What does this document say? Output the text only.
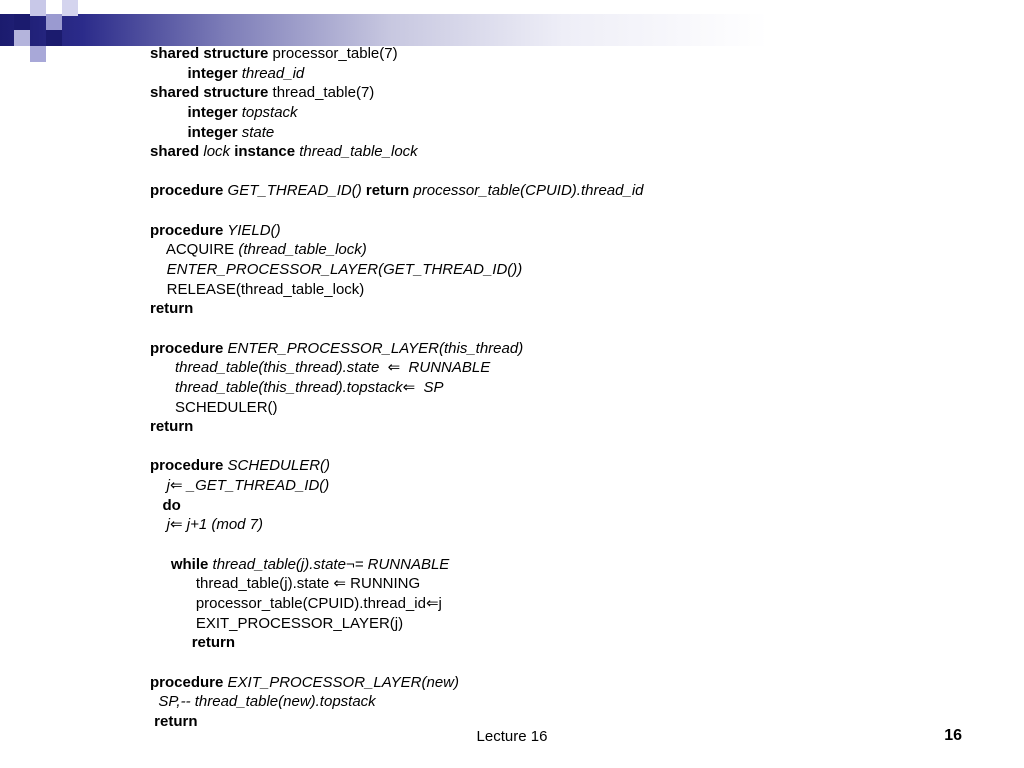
shared structure processor_table(7)
integer thread_id
shared structure thread_table(7)
integer topstack
integer state
shared lock instance thread_table_lock

procedure GET_THREAD_ID() return processor_table(CPUID).thread_id

procedure YIELD()
ACQUIRE (thread_table_lock)
ENTER_PROCESSOR_LAYER(GET_THREAD_ID())
RELEASE(thread_table_lock)
return

procedure ENTER_PROCESSOR_LAYER(this_thread)
thread_table(this_thread).state  ⇐  RUNNABLE
thread_table(this_thread).topstack⇐  SP
SCHEDULER()
return

procedure SCHEDULER()
j⇐ _GET_THREAD_ID()
do
j⇐ j+1 (mod 7)

while thread_table(j).state¬= RUNNABLE
thread_table(j).state ⇐ RUNNING
processor_table(CPUID).thread_id⇐j
EXIT_PROCESSOR_LAYER(j)
return

procedure EXIT_PROCESSOR_LAYER(new)
SP,-- thread_table(new).topstack
return
Lecture 16	16
